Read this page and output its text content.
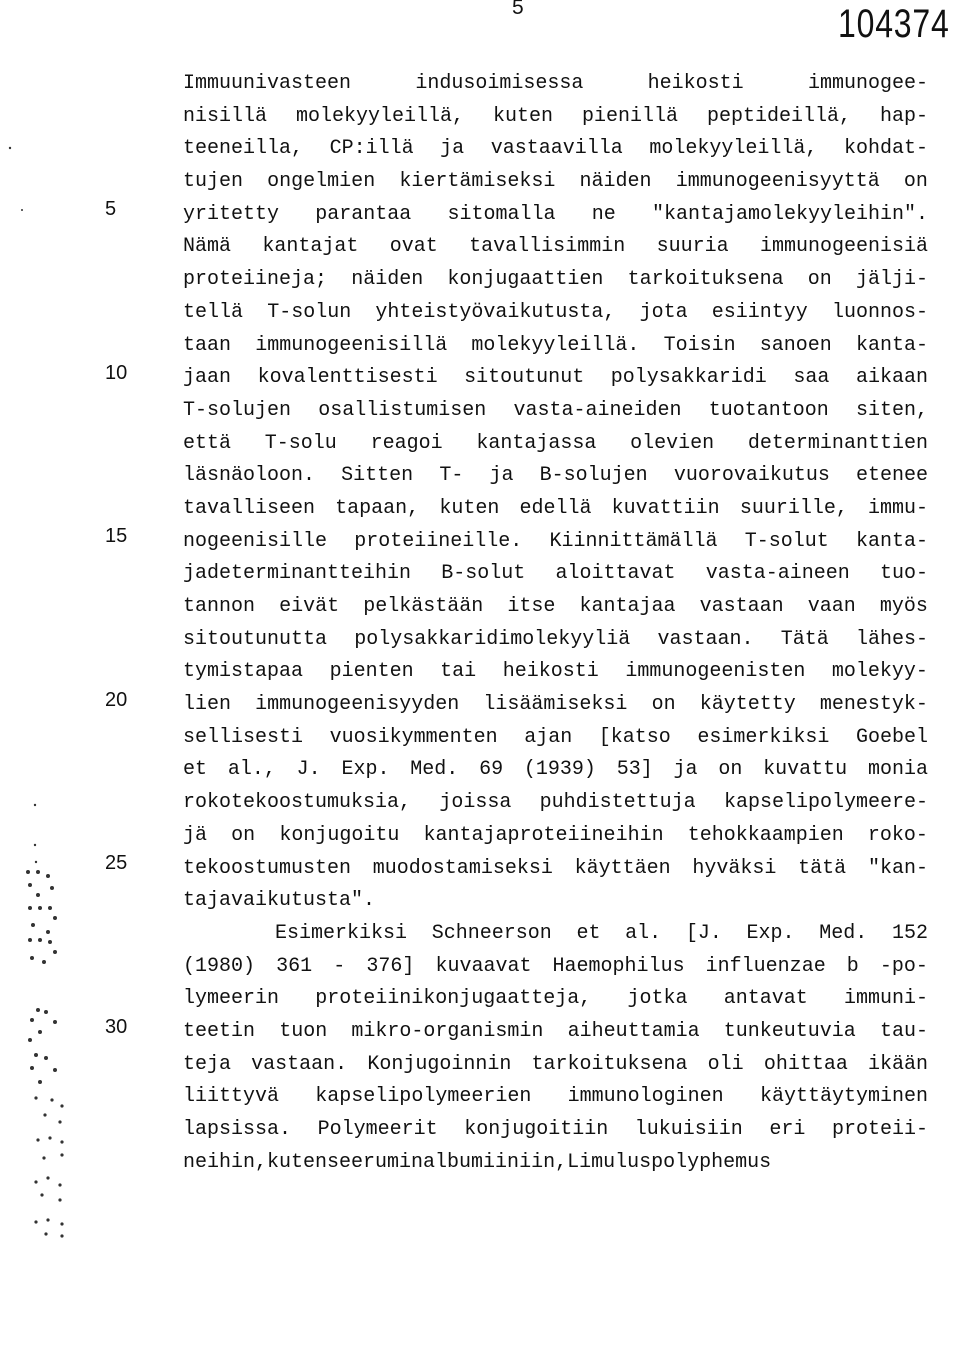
5	104374
5
10
15
20
25
30
Immuunivasteen	indusoimisessa	heikosti	immunogee-
nisillä molekyyleillä, kuten pienillä peptideillä, hap-
teeneilla, CP:illä ja vastaavilla molekyyleillä, kohdat-
tujen ongelmien kiertämiseksi näiden immunogeenisyyttä on
yritetty parantaa sitomalla ne "kantajamolekyyleihin".
Nämä kantajat ovat tavallisimmin suuria immunogeenisiä
proteiineja; näiden konjugaattien tarkoituksena on jälji-
tellä T-solun yhteistyövaikutusta, jota esiintyy luonnos-
taan immunogeenisillä molekyyleillä. Toisin sanoen kanta-
jaan kovalenttisesti sitoutunut polysakkaridi saa aikaan
T-solujen osallistumisen vasta-aineiden tuotantoon siten,
että T-solu reagoi kantajassa olevien determinanttien
läsnäoloon. Sitten T- ja B-solujen vuorovaikutus etenee
tavalliseen tapaan, kuten edellä kuvattiin suurille, immu-
nogeenisille proteiineille. Kiinnittämällä T-solut kanta-
jadeterminantteihin B-solut aloittavat vasta-aineen tuo-
tannon eivät pelkästään itse kantajaa vastaan vaan myös
sitoutunutta polysakkaridimolekyyliä vastaan. Tätä lähes-
tymistapaa pienten tai heikosti immunogeenisten molekyy-
lien immunogeenisyyden lisäämiseksi on käytetty menestyk-
sellisesti vuosikymmenten ajan [katso esimerkiksi Goebel
et al., J. Exp. Med. 69 (1939) 53] ja on kuvattu monia
rokotekoostumuksia, joissa puhdistettuja kapselipolymeere-
jä on konjugoitu kantajaproteiineihin tehokkaampien roko-
tekoostumusten muodostamiseksi käyttäen hyväksi tätä "kan-
tajavaikutusta".
Esimerkiksi Schneerson et al. [J. Exp. Med. 152
(1980) 361 - 376] kuvaavat Haemophilus influenzae b -po-
lymeerin proteiinikonjugaatteja, jotka antavat immuni-
teetin tuon mikro-organismin aiheuttamia tunkeutuvia tau-
teja vastaan. Konjugoinnin tarkoituksena oli ohittaa ikään
liittyvä kapselipolymeerien immunologinen käyttäytyminen
lapsissa. Polymeerit konjugoitiin lukuisiin eri proteii-
neihin, kuten seerumin albumiiniin, Limulus polyphemus
